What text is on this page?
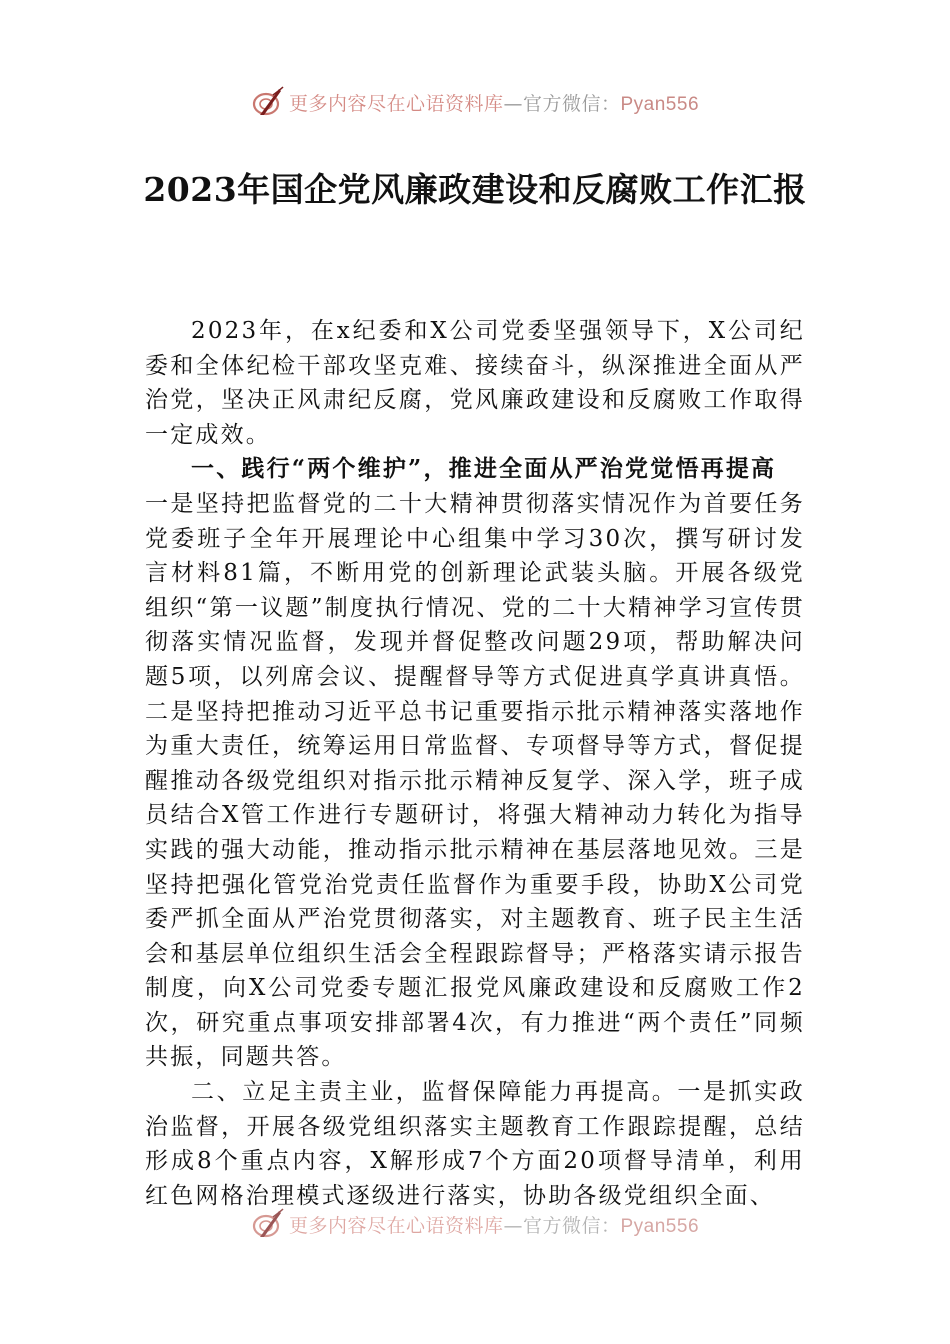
更多内容尽在心语资料库—官方微信：Pyan556
2023年国企党风廉政建设和反腐败工作汇报

2023年，在x纪委和X公司党委坚强领导下，X公司纪委和全体纪检干部攻坚克难、接续奋斗，纵深推进全面从严治党，坚决正风肃纪反腐，党风廉政建设和反腐败工作取得一定成效。

一、践行“两个维护”，推进全面从严治党觉悟再提高

一是坚持把监督党的二十大精神贯彻落实情况作为首要任务党委班子全年开展理论中心组集中学习30次，撰写研讨发言材料81篇，不断用党的创新理论武装头脑。开展各级党组织“第一议题”制度执行情况、党的二十大精神学习宣传贯彻落实情况监督，发现并督促整改问题29项，帮助解决问题5项，以列席会议、提醒督导等方式促进真学真讲真悟。二是坚持把推动习近平总书记重要指示批示精神落实落地作为重大责任，统筹运用日常监督、专项督导等方式，督促提醒推动各级党组织对指示批示精神反复学、深入学，班子成员结合X管工作进行专题研讨，将强大精神动力转化为指导实践的强大动能，推动指示批示精神在基层落地见效。三是坚持把强化管党治党责任监督作为重要手段，协助X公司党委严抓全面从严治党贯彻落实，对主题教育、班子民主生活会和基层单位组织生活会全程跟踪督导；严格落实请示报告制度，向X公司党委专题汇报党风廉政建设和反腐败工作2次，研究重点事项安排部署4次，有力推进“两个责任”同频共振，同题共答。

二、立足主责主业，监督保障能力再提高。一是抓实政治监督，开展各级党组织落实主题教育工作跟踪提醒，总结形成8个重点内容，X解形成7个方面20项督导清单，利用红色网格治理模式逐级进行落实，协助各级党组织全面、

更多内容尽在心语资料库—官方微信：Pyan556
